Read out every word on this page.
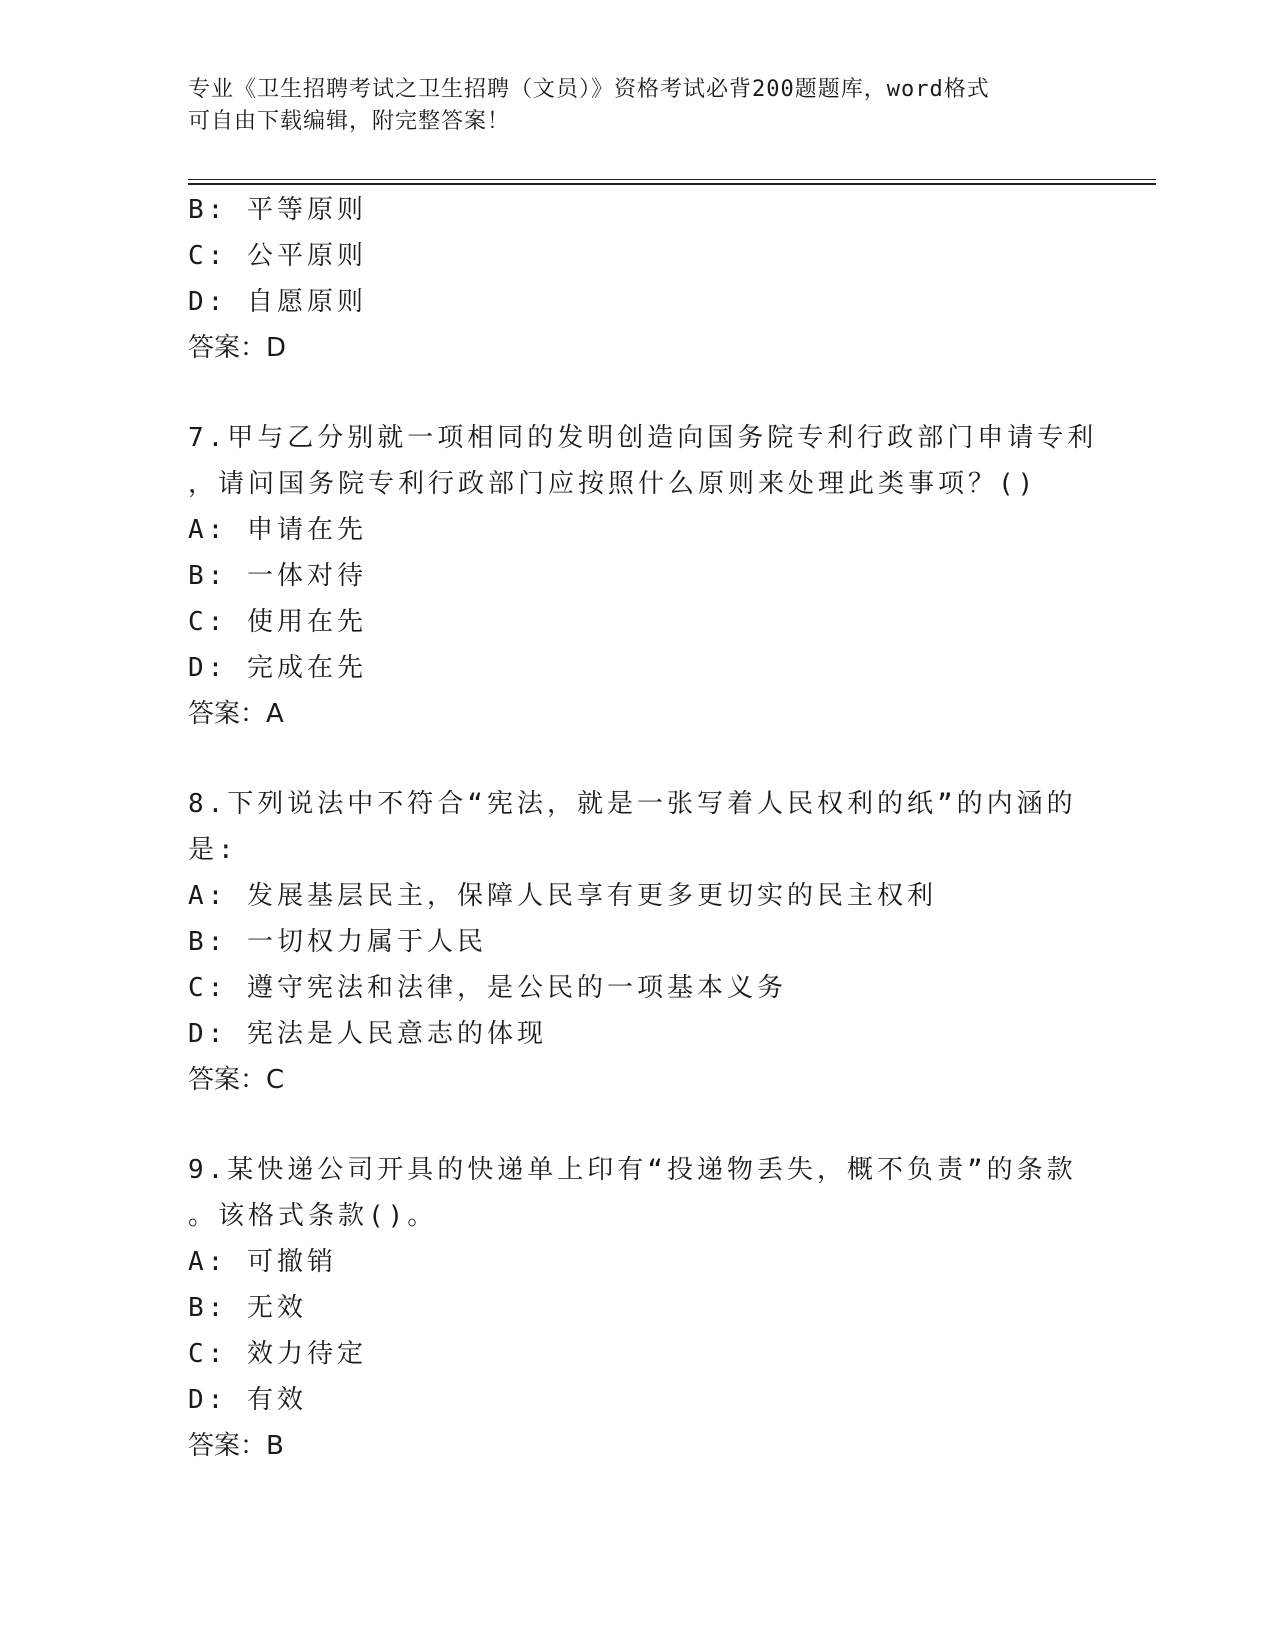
专业《卫生招聘考试之卫生招聘（文员）》资格考试必背200题题库，word格式
可自由下载编辑，附完整答案！
B: 平等原则
C: 公平原则
D: 自愿原则
答案：D
7.甲与乙分别就一项相同的发明创造向国务院专利行政部门申请专利
，请问国务院专利行政部门应按照什么原则来处理此类事项？()
A: 申请在先
B: 一体对待
C: 使用在先
D: 完成在先
答案：A
8.下列说法中不符合“宪法，就是一张写着人民权利的纸”的内涵的
是:
A: 发展基层民主，保障人民享有更多更切实的民主权利
B: 一切权力属于人民
C: 遵守宪法和法律，是公民的一项基本义务
D: 宪法是人民意志的体现
答案：C
9.某快递公司开具的快递单上印有“投递物丢失，概不负责”的条款
。该格式条款()。
A: 可撤销
B: 无效
C: 效力待定
D: 有效
答案：B
